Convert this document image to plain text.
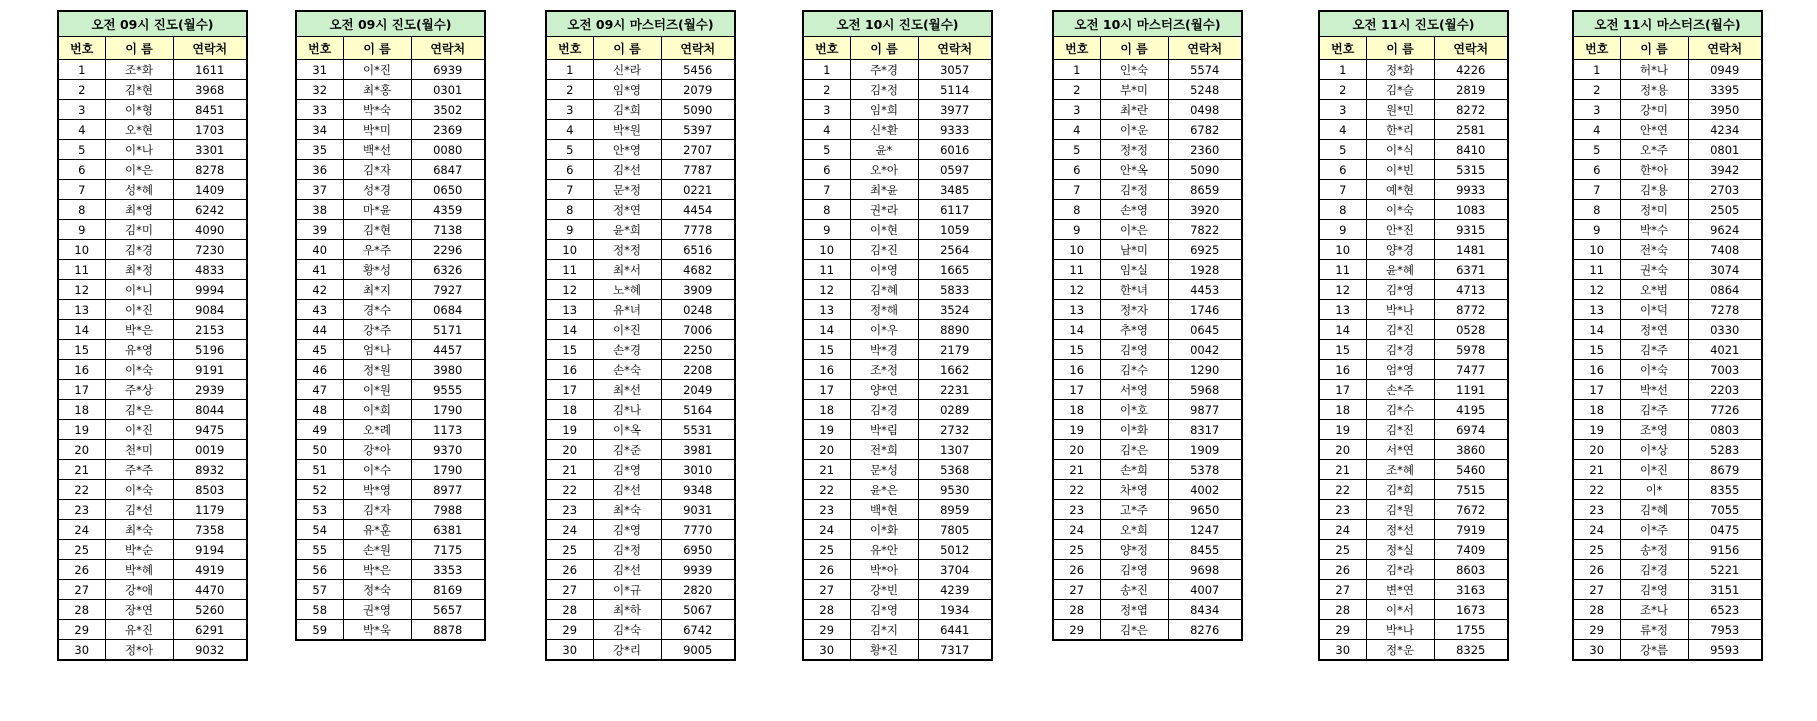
오전 09시 진도(월수)		
번호	이 름	연락처
1	조*화	1611
2	김*현	3968
3	이*형	8451
4	오*현	1703
5	이*나	3301
6	이*은	8278
7	성*혜	1409
8	최*영	6242
9	김*미	4090
10	김*경	7230
11	최*정	4833
12	이*니	9994
13	이*진	9084
14	박*은	2153
15	유*영	5196
16	이*숙	9191
17	주*상	2939
18	김*은	8044
19	이*진	9475
20	천*미	0019
21	주*주	8932
22	이*숙	8503
23	김*선	1179
24	최*숙	7358
25	박*순	9194
26	박*혜	4919
27	강*애	4470
28	장*연	5260
29	유*진	6291
30	정*아	9032
오전 09시 진도(월수)		
번호	이 름	연락처
31	이*진	6939
32	최*홍	0301
33	박*숙	3502
34	박*미	2369
35	백*선	0080
36	김*자	6847
37	성*경	0650
38	마*윤	4359
39	김*현	7138
40	우*주	2296
41	황*성	6326
42	최*지	7927
43	경*수	0684
44	강*주	5171
45	엄*나	4457
46	정*원	3980
47	이*원	9555
48	이*희	1790
49	오*례	1173
50	강*아	9370
51	이*수	1790
52	박*영	8977
53	김*자	7988
54	유*훈	6381
55	손*원	7175
56	박*은	3353
57	정*숙	8169
58	권*영	5657
59	박*욱	8878
오전 09시 마스터즈(월수)		
번호	이 름	연락처
1	신*라	5456
2	임*영	2079
3	김*희	5090
4	박*원	5397
5	안*영	2707
6	김*선	7787
7	문*정	0221
8	정*연	4454
9	윤*희	7778
10	정*정	6516
11	최*서	4682
12	노*혜	3909
13	유*녀	0248
14	이*진	7006
15	손*경	2250
16	손*숙	2208
17	최*선	2049
18	김*나	5164
19	이*옥	5531
20	김*준	3981
21	김*영	3010
22	김*선	9348
23	최*숙	9031
24	김*영	7770
25	김*정	6950
26	김*선	9939
27	이*규	2820
28	최*하	5067
29	김*숙	6742
30	강*리	9005
오전 10시 진도(월수)		
번호	이 름	연락처
1	주*경	3057
2	김*정	5114
3	임*희	3977
4	신*환	9333
5	윤*	6016
6	오*아	0597
7	최*윤	3485
8	권*라	6117
9	이*현	1059
10	김*진	2564
11	이*영	1665
12	김*혜	5833
13	정*해	3524
14	이*우	8890
15	박*경	2179
16	조*정	1662
17	양*연	2231
18	김*경	0289
19	박*림	2732
20	전*희	1307
21	문*성	5368
22	윤*은	9530
23	백*현	8959
24	이*화	7805
25	유*안	5012
26	박*아	3704
27	강*빈	4239
28	김*영	1934
29	김*지	6441
30	황*진	7317
오전 10시 마스터즈(월수)		
번호	이 름	연락처
1	인*숙	5574
2	부*미	5248
3	최*란	0498
4	이*운	6782
5	정*정	2360
6	안*옥	5090
7	김*정	8659
8	손*영	3920
9	이*은	7822
10	남*미	6925
11	임*실	1928
12	한*녀	4453
13	정*자	1746
14	추*영	0645
15	김*영	0042
16	김*수	1290
17	서*영	5968
18	이*호	9877
19	이*화	8317
20	김*은	1909
21	손*희	5378
22	차*영	4002
23	고*주	9650
24	오*희	1247
25	양*정	8455
26	김*영	9698
27	송*진	4007
28	정*엽	8434
29	김*은	8276
오전 11시 진도(월수)		
번호	이 름	연락처
1	정*화	4226
2	김*슬	2819
3	원*민	8272
4	한*리	2581
5	이*식	8410
6	이*빈	5315
7	예*현	9933
8	이*숙	1083
9	안*진	9315
10	양*경	1481
11	윤*혜	6371
12	김*영	4713
13	박*나	8772
14	김*진	0528
15	김*경	5978
16	엄*영	7477
17	손*주	1191
18	김*수	4195
19	김*진	6974
20	서*연	3860
21	조*혜	5460
22	김*희	7515
23	김*원	7672
24	정*선	7919
25	정*실	7409
26	김*라	8603
27	변*연	3163
28	이*서	1673
29	박*나	1755
30	정*운	8325
오전 11시 마스터즈(월수)		
번호	이 름	연락처
1	허*나	0949
2	정*용	3395
3	강*미	3950
4	안*연	4234
5	오*주	0801
6	한*아	3942
7	김*용	2703
8	정*미	2505
9	박*수	9624
10	전*숙	7408
11	권*숙	3074
12	오*범	0864
13	이*덕	7278
14	정*연	0330
15	김*주	4021
16	이*숙	7003
17	박*선	2203
18	김*주	7726
19	조*영	0803
20	이*상	5283
21	이*진	8679
22	이*	8355
23	김*혜	7055
24	이*주	0475
25	송*정	9156
26	김*경	5221
27	김*영	3151
28	조*나	6523
29	류*정	7953
30	강*름	9593
